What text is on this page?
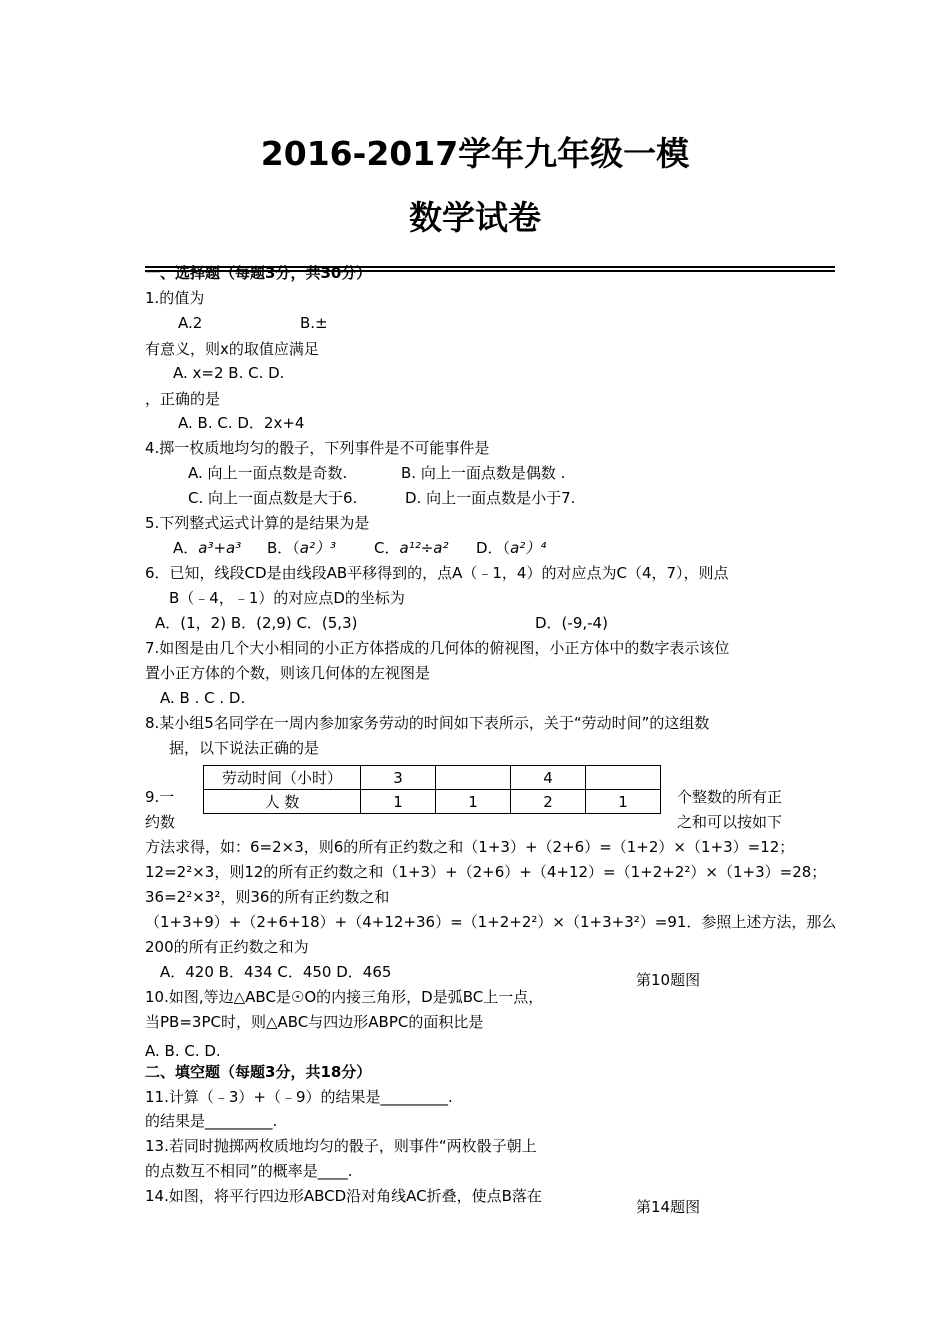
2016-2017学年九年级一模
数学试卷
一、选择题（每题3分，共30分）
1.的值为
A.2	B.±
有意义，则x的取值应满足
A. x=2 B. C. D.
，正确的是
A. B. C. D．2x+4
4.掷一枚质地均匀的骰子，下列事件是不可能事件是
A. 向上一面点数是奇数.	B. 向上一面点数是偶数 .
C. 向上一面点数是大于6.	D. 向上一面点数是小于7.
5.下列整式运式计算的是结果为是
A．a³+a³ B．（a²）³	C．a¹²÷a² D．（a²）⁴
6．已知，线段CD是由线段AB平移得到的，点A（﹣1，4）的对应点为C（4，7），则点
B（﹣4，﹣1）的对应点D的坐标为
A．(1，2) B．(2,9) C．(5,3)	D．(-9,-4)
7.如图是由几个大小相同的小正方体搭成的几何体的俯视图，小正方体中的数字表示该位
置小正方体的个数，则该几何体的左视图是
A. B . C . D.
8.某小组5名同学在一周内参加家务劳动的时间如下表所示，关于“劳动时间”的这组数
据，以下说法正确的是
劳动时间（小时）	3		4	
人 数	1	1	2	1
9.一	个整数的所有正
约数	之和可以按如下
方法求得，如：6=2×3，则6的所有正约数之和（1+3）+（2+6）=（1+2）×（1+3）=12；
12=2²×3，则12的所有正约数之和（1+3）+（2+6）+（4+12）=（1+2+2²）×（1+3）=28；
36=2²×3²，则36的所有正约数之和
（1+3+9）+（2+6+18）+（4+12+36）=（1+2+2²）×（1+3+3²）=91．参照上述方法，那么
200的所有正约数之和为
A．420 B．434 C．450 D．465	第10题图
10.如图,等边△ABC是☉O的内接三角形，D是弧BC上一点，
当PB=3PC时，则△ABC与四边形ABPC的面积比是
A. B. C. D.
二、填空题（每题3分，共18分）
11.计算（﹣3）+（﹣9）的结果是_________.
的结果是_________.
13.若同时抛掷两枚质地均匀的骰子，则事件“两枚骰子朝上
的点数互不相同”的概率是____.
14.如图，将平行四边形ABCD沿对角线AC折叠，使点B落在
第14题图
